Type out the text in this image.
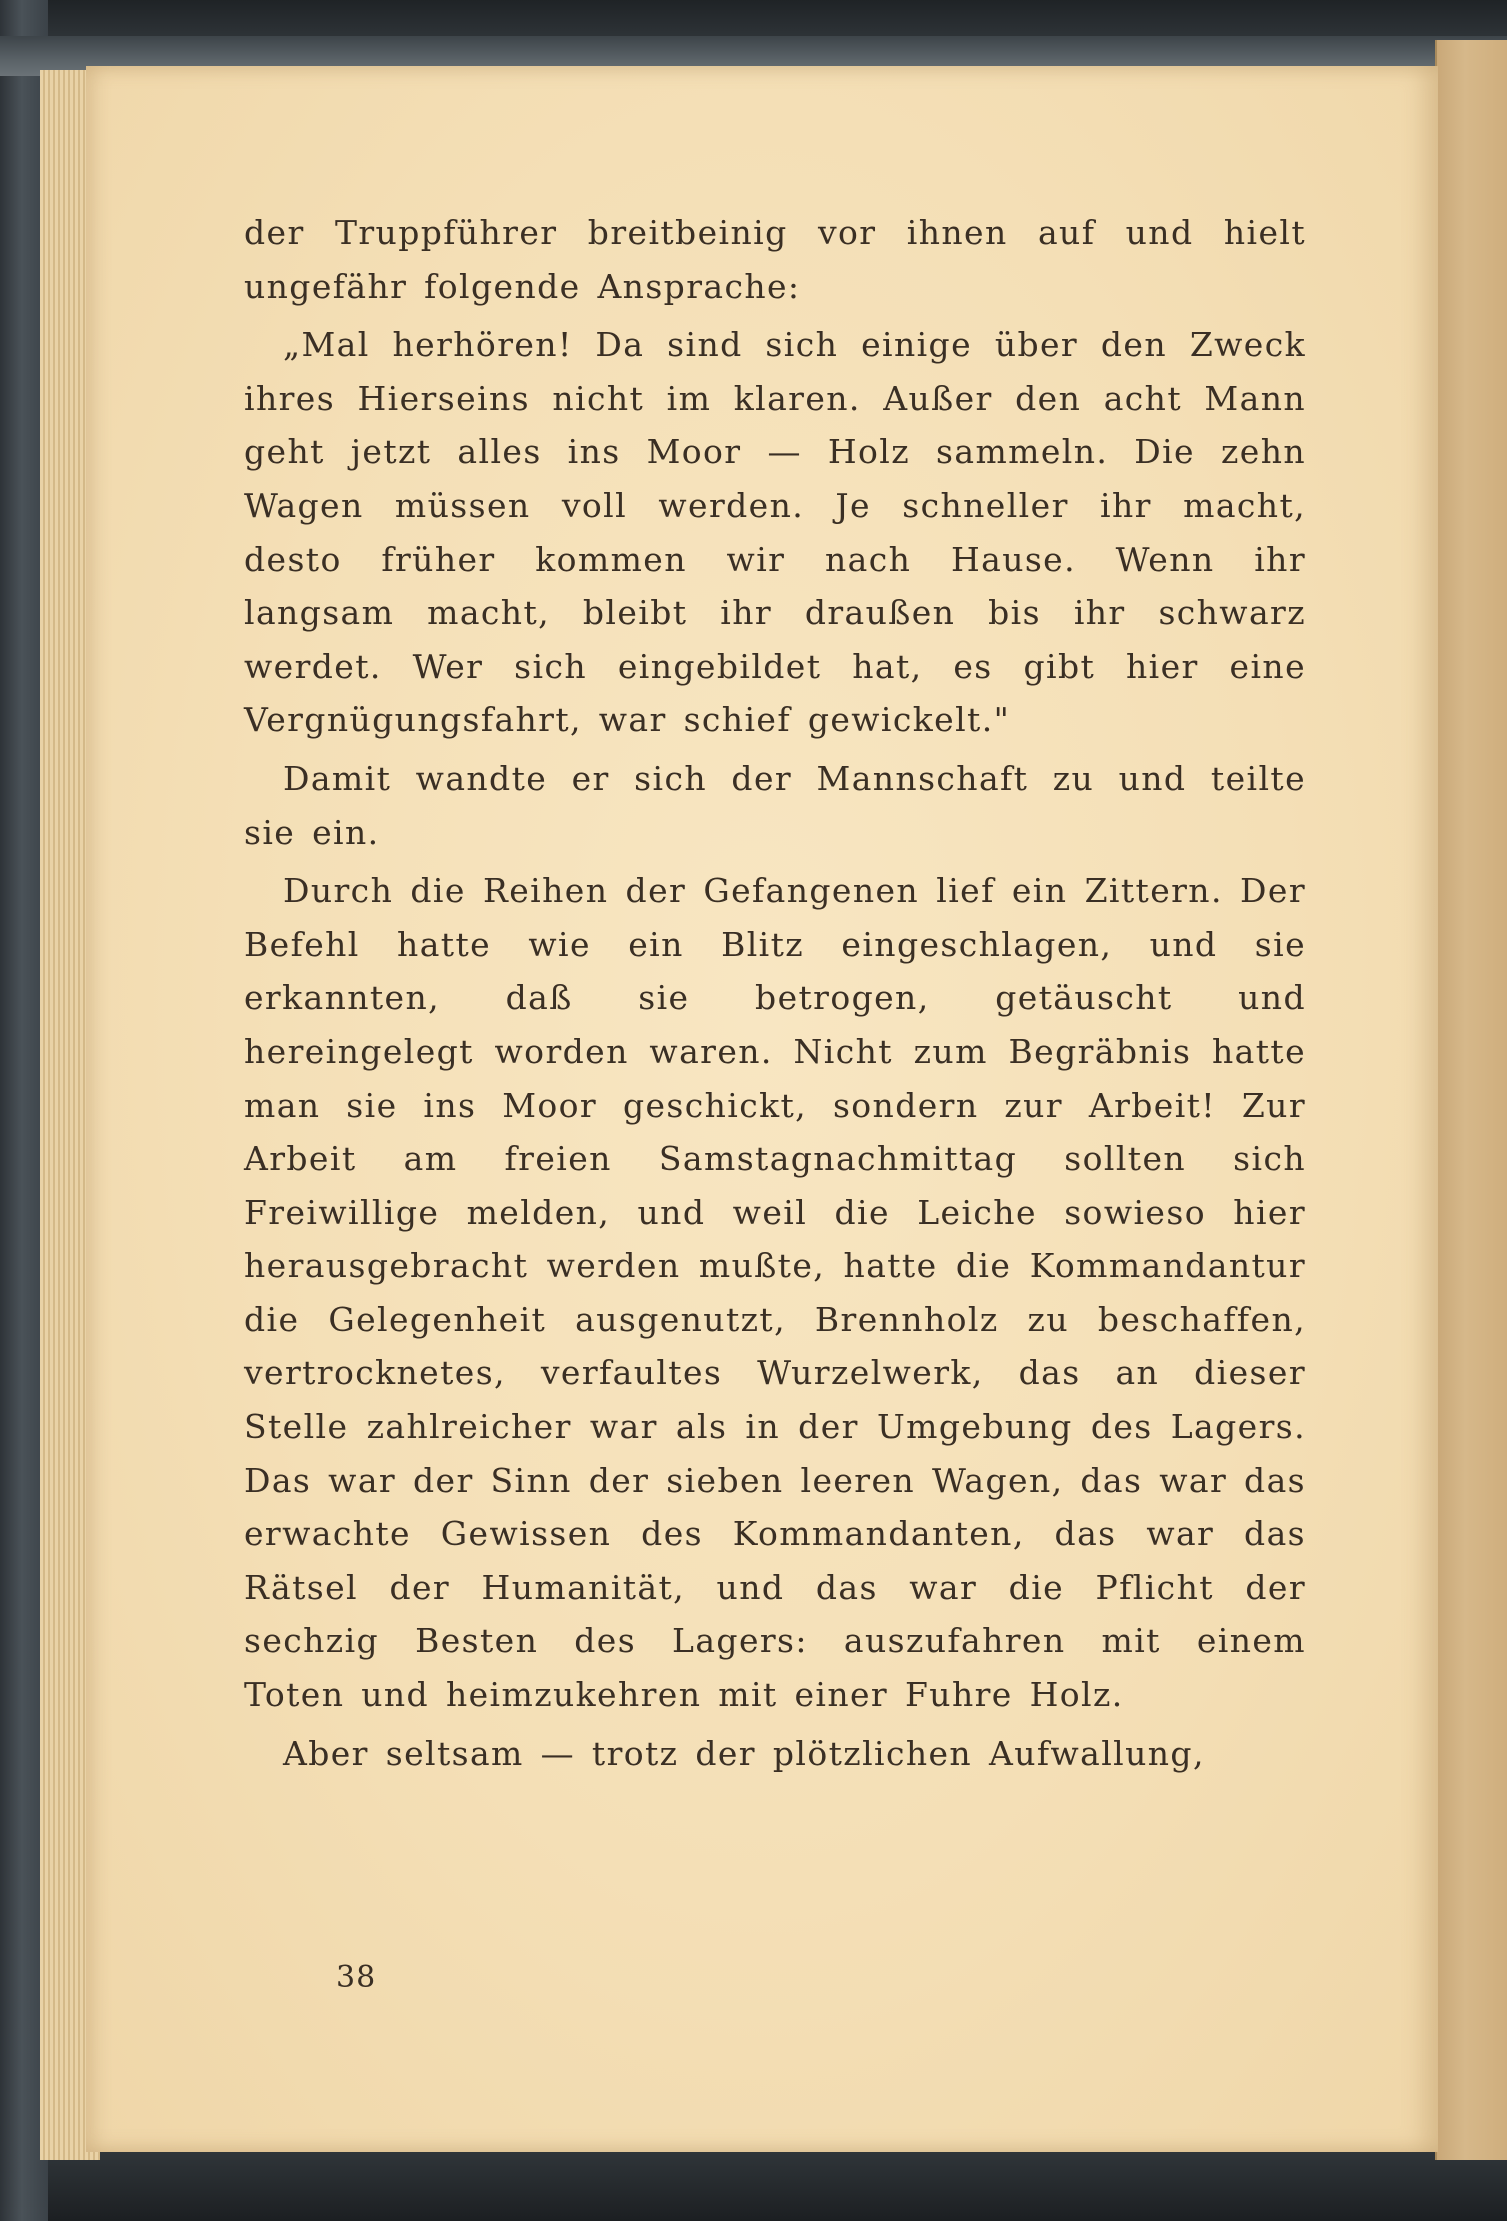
der Truppführer breitbeinig vor ihnen auf und hielt ungefähr folgende Ansprache:

„Mal herhören! Da sind sich einige über den Zweck ihres Hierseins nicht im klaren. Außer den acht Mann geht jetzt alles ins Moor — Holz sammeln. Die zehn Wagen müssen voll werden. Je schneller ihr macht, desto früher kommen wir nach Hause. Wenn ihr langsam macht, bleibt ihr draußen bis ihr schwarz werdet. Wer sich eingebildet hat, es gibt hier eine Vergnügungsfahrt, war schief gewickelt."

Damit wandte er sich der Mannschaft zu und teilte sie ein.

Durch die Reihen der Gefangenen lief ein Zittern. Der Befehl hatte wie ein Blitz eingeschlagen, und sie erkannten, daß sie betrogen, getäuscht und hereingelegt worden waren. Nicht zum Begräbnis hatte man sie ins Moor geschickt, sondern zur Arbeit! Zur Arbeit am freien Samstagnachmittag sollten sich Freiwillige melden, und weil die Leiche sowieso hier herausgebracht werden mußte, hatte die Kommandantur die Gelegenheit ausgenutzt, Brennholz zu beschaffen, vertrocknetes, verfaultes Wurzelwerk, das an dieser Stelle zahlreicher war als in der Umgebung des Lagers. Das war der Sinn der sieben leeren Wagen, das war das erwachte Gewissen des Kommandanten, das war das Rätsel der Humanität, und das war die Pflicht der sechzig Besten des Lagers: auszufahren mit einem Toten und heimzukehren mit einer Fuhre Holz.

Aber seltsam — trotz der plötzlichen Aufwallung,

38
